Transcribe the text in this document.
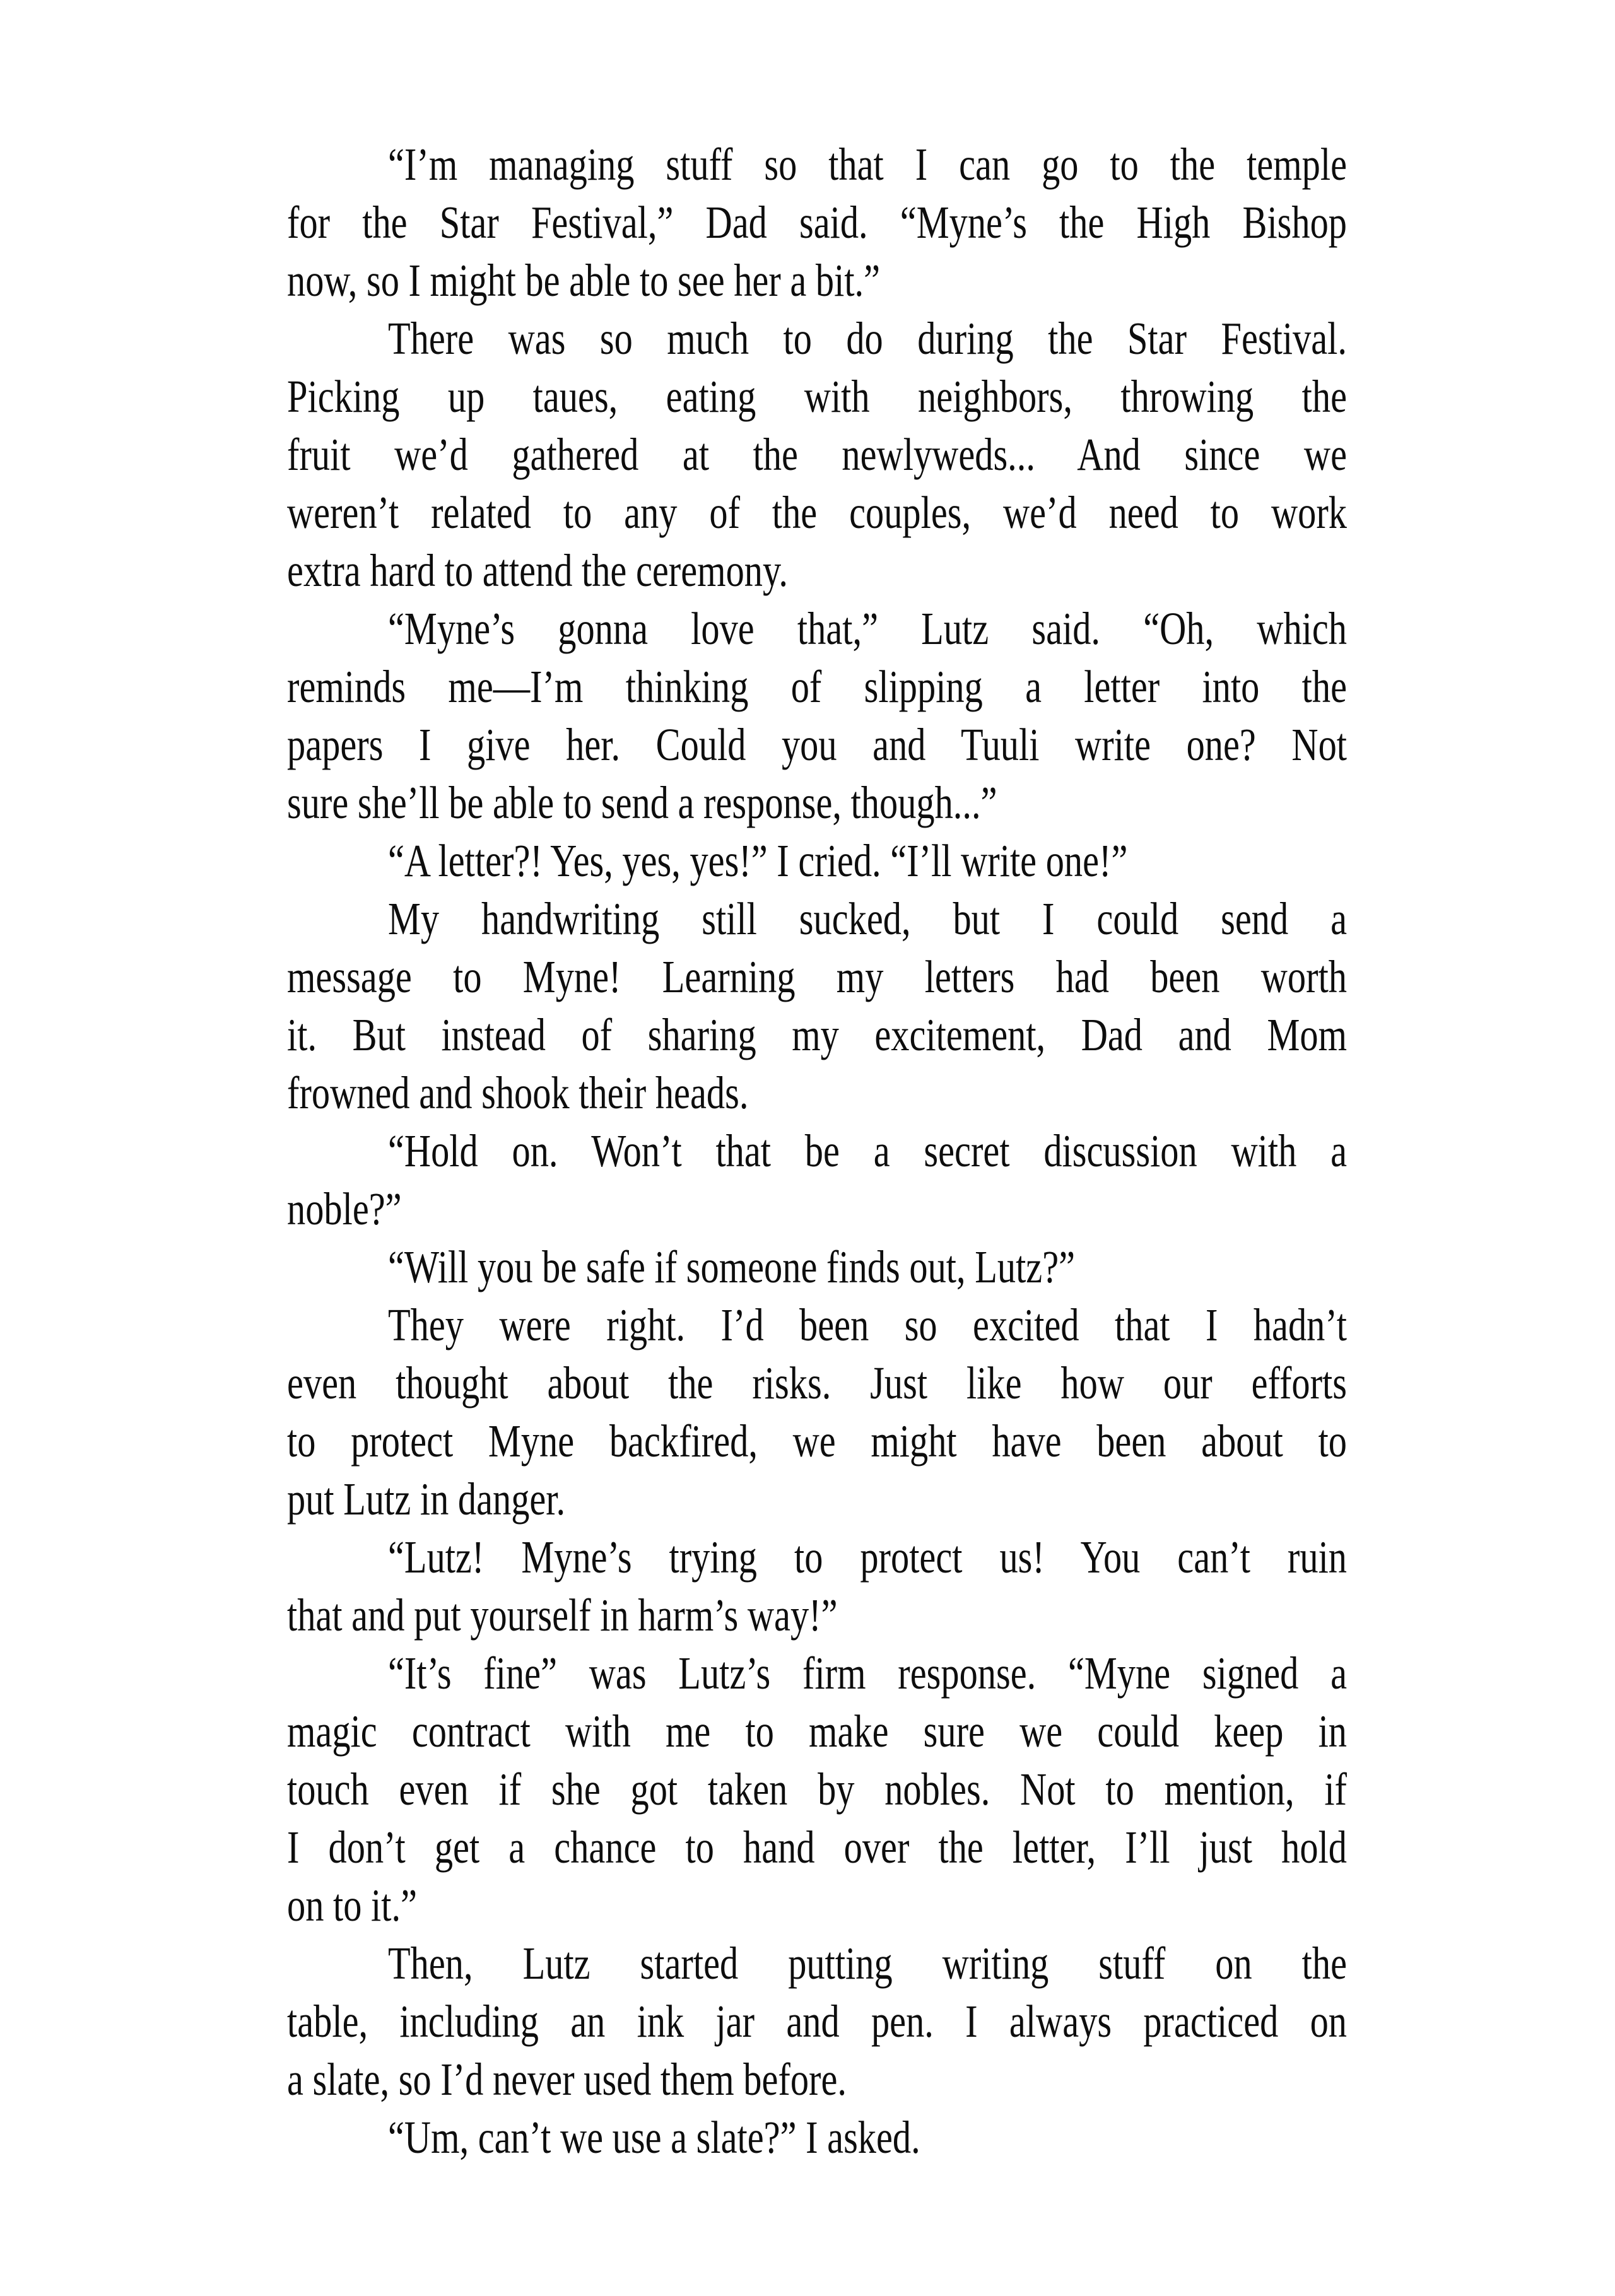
“I’m managing stuff so that I can go to the temple
for the Star Festival,” Dad said. “Myne’s the High Bishop
now, so I might be able to see her a bit.”
There was so much to do during the Star Festival.
Picking up taues, eating with neighbors, throwing the
fruit we’d gathered at the newlyweds... And since we
weren’t related to any of the couples, we’d need to work
extra hard to attend the ceremony.
“Myne’s gonna love that,” Lutz said. “Oh, which
reminds me—I’m thinking of slipping a letter into the
papers I give her. Could you and Tuuli write one? Not
sure she’ll be able to send a response, though...”
“A letter?! Yes, yes, yes!” I cried. “I’ll write one!”
My handwriting still sucked, but I could send a
message to Myne! Learning my letters had been worth
it. But instead of sharing my excitement, Dad and Mom
frowned and shook their heads.
“Hold on. Won’t that be a secret discussion with a
noble?”
“Will you be safe if someone finds out, Lutz?”
They were right. I’d been so excited that I hadn’t
even thought about the risks. Just like how our efforts
to protect Myne backfired, we might have been about to
put Lutz in danger.
“Lutz! Myne’s trying to protect us! You can’t ruin
that and put yourself in harm’s way!”
“It’s fine” was Lutz’s firm response. “Myne signed a
magic contract with me to make sure we could keep in
touch even if she got taken by nobles. Not to mention, if
I don’t get a chance to hand over the letter, I’ll just hold
on to it.”
Then, Lutz started putting writing stuff on the
table, including an ink jar and pen. I always practiced on
a slate, so I’d never used them before.
“Um, can’t we use a slate?” I asked.
